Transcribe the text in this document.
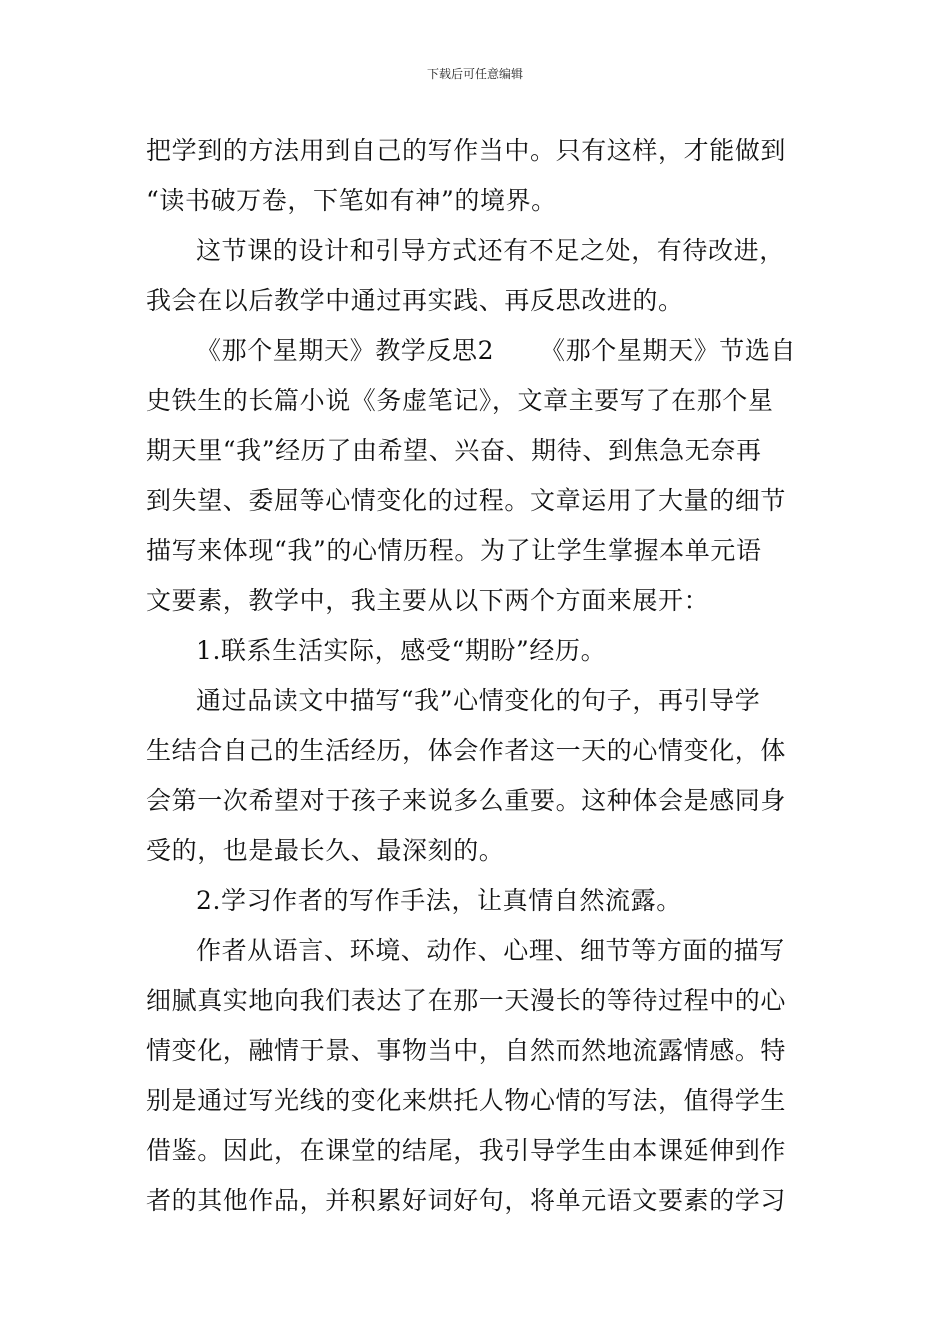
下载后可任意编辑
把学到的方法用到自己的写作当中。只有这样，才能做到
“读书破万卷，下笔如有神”的境界。
这节课的设计和引导方式还有不足之处，有待改进，
我会在以后教学中通过再实践、再反思改进的。
《那个星期天》教学反思2 《那个星期天》节选自
史铁生的长篇小说《务虚笔记》，文章主要写了在那个星
期天里“我”经历了由希望、兴奋、期待、到焦急无奈再
到失望、委屈等心情变化的过程。文章运用了大量的细节
描写来体现“我”的心情历程。为了让学生掌握本单元语
文要素，教学中，我主要从以下两个方面来展开：
1.联系生活实际，感受“期盼”经历。
通过品读文中描写“我”心情变化的句子，再引导学
生结合自己的生活经历，体会作者这一天的心情变化，体
会第一次希望对于孩子来说多么重要。这种体会是感同身
受的，也是最长久、最深刻的。
2.学习作者的写作手法，让真情自然流露。
作者从语言、环境、动作、心理、细节等方面的描写
细腻真实地向我们表达了在那一天漫长的等待过程中的心
情变化，融情于景、事物当中，自然而然地流露情感。特
别是通过写光线的变化来烘托人物心情的写法，值得学生
借鉴。因此，在课堂的结尾，我引导学生由本课延伸到作
者的其他作品，并积累好词好句，将单元语文要素的学习
